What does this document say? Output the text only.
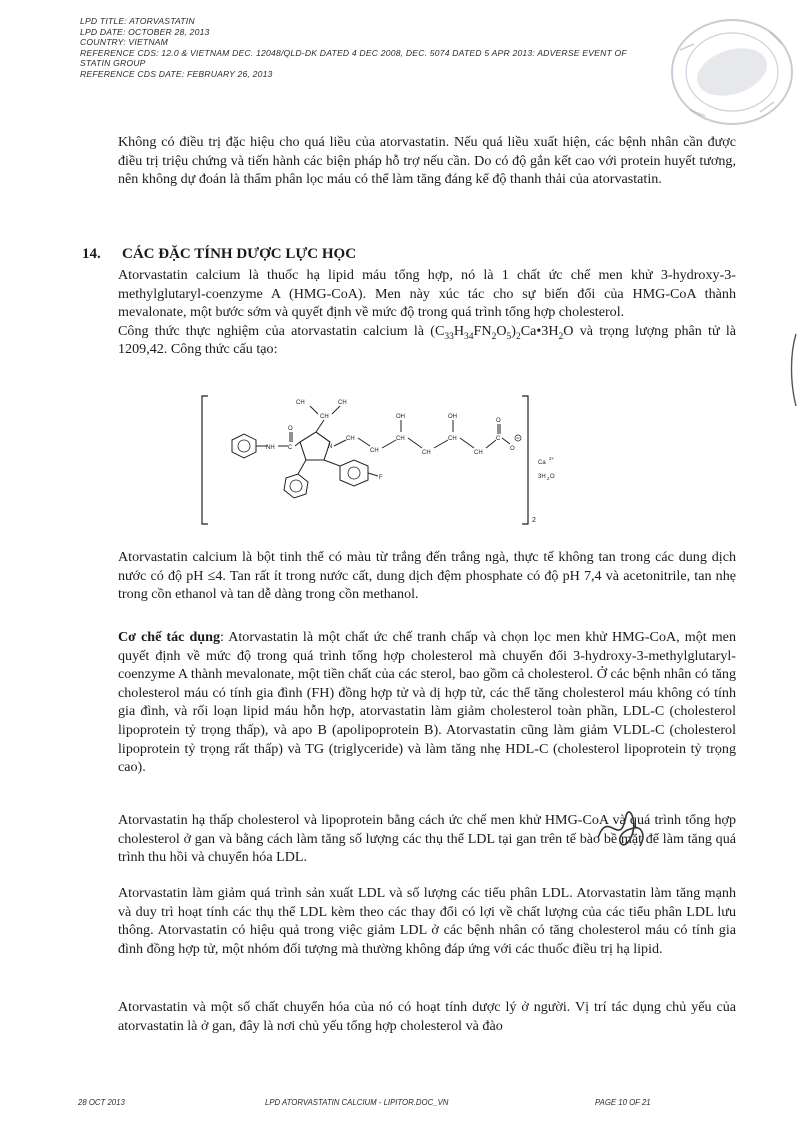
LPD TITLE: ATORVASTATIN
LPD DATE: OCTOBER 28, 2013
COUNTRY: VIETNAM
REFERENCE CDS: 12.0 & VIETNAM DEC. 12048/QLD-DK DATED 4 DEC 2008, DEC. 5074 DATED 5 APR 2013: ADVERSE EVENT OF
STATIN GROUP
REFERENCE CDS DATE: FEBRUARY 26, 2013

Không có điều trị đặc hiệu cho quá liều của atorvastatin. Nếu quá liều xuất hiện, các bệnh nhân cần được điều trị triệu chứng và tiến hành các biện pháp hỗ trợ nếu cần. Do có độ gắn kết cao với protein huyết tương, nên không dự đoán là thẩm phân lọc máu có thể làm tăng đáng kể độ thanh thải của atorvastatin.

14. CÁC ĐẶC TÍNH DƯỢC LỰC HỌC

Atorvastatin calcium là thuốc hạ lipid máu tổng hợp, nó là 1 chất ức chế men khử 3-hydroxy-3-methylglutaryl-coenzyme A (HMG-CoA). Men này xúc tác cho sự biến đổi của HMG-CoA thành mevalonate, một bước sớm và quyết định về mức độ trong quá trình tổng hợp cholesterol.

Công thức thực nghiệm của atorvastatin calcium là $(C_{33}H_{34}FN_2O_5)_2Ca•3H_2O$ và trọng lượng phân tử là 1209,42. Công thức cấu tạo:

2
NH C
O
N
CH
CH	CH
F
CH
CH
CH
OH
CH
CH
OH
CH
C
O
O
Ca
2+
3H 2 O

Atorvastatin calcium là bột tinh thể có màu từ trắng đến trắng ngà, thực tế không tan trong các dung dịch nước có độ pH ≤4. Tan rất ít trong nước cất, dung dịch đệm phosphate có độ pH 7,4 và acetonitrile, tan nhẹ trong cồn ethanol và tan dễ dàng trong cồn methanol.

Cơ chế tác dụng: Atorvastatin là một chất ức chế tranh chấp và chọn lọc men khử HMG-CoA, một men quyết định về mức độ trong quá trình tổng hợp cholesterol mà chuyển đổi 3-hydroxy-3-methylglutaryl-coenzyme A thành mevalonate, một tiền chất của các sterol, bao gồm cả cholesterol. Ở các bệnh nhân có tăng cholesterol máu có tính gia đình (FH) đồng hợp tử và dị hợp tử, các thể tăng cholesterol máu không có tính gia đình, và rối loạn lipid máu hỗn hợp, atorvastatin làm giảm cholesterol toàn phần, LDL-C (cholesterol lipoprotein tỷ trọng thấp), và apo B (apolipoprotein B). Atorvastatin cũng làm giảm VLDL-C (cholesterol lipoprotein tỷ trọng rất thấp) và TG (triglyceride) và làm tăng nhẹ HDL-C (cholesterol lipoprotein tỷ trọng cao).

Atorvastatin hạ thấp cholesterol và lipoprotein bằng cách ức chế men khử HMG-CoA và quá trình tổng hợp cholesterol ở gan và bằng cách làm tăng số lượng các thụ thể LDL tại gan trên tế bào bề mặt để làm tăng quá trình thu hồi và chuyển hóa LDL.

Atorvastatin làm giảm quá trình sản xuất LDL và số lượng các tiểu phân LDL. Atorvastatin làm tăng mạnh và duy trì hoạt tính các thụ thể LDL kèm theo các thay đổi có lợi về chất lượng của các tiểu phân LDL lưu thông. Atorvastatin có hiệu quả trong việc giảm LDL ở các bệnh nhân có tăng cholesterol máu có tính gia đình đồng hợp tử, một nhóm đối tượng mà thường không đáp ứng với các thuốc điều trị hạ lipid.

Atorvastatin và một số chất chuyển hóa của nó có hoạt tính dược lý ở người. Vị trí tác dụng chủ yếu của atorvastatin là ở gan, đây là nơi chủ yếu tổng hợp cholesterol và đào

28 OCT 2013	LPD ATORVASTATIN CALCIUM - LIPITOR.DOC_VN	PAGE 10 OF 21
